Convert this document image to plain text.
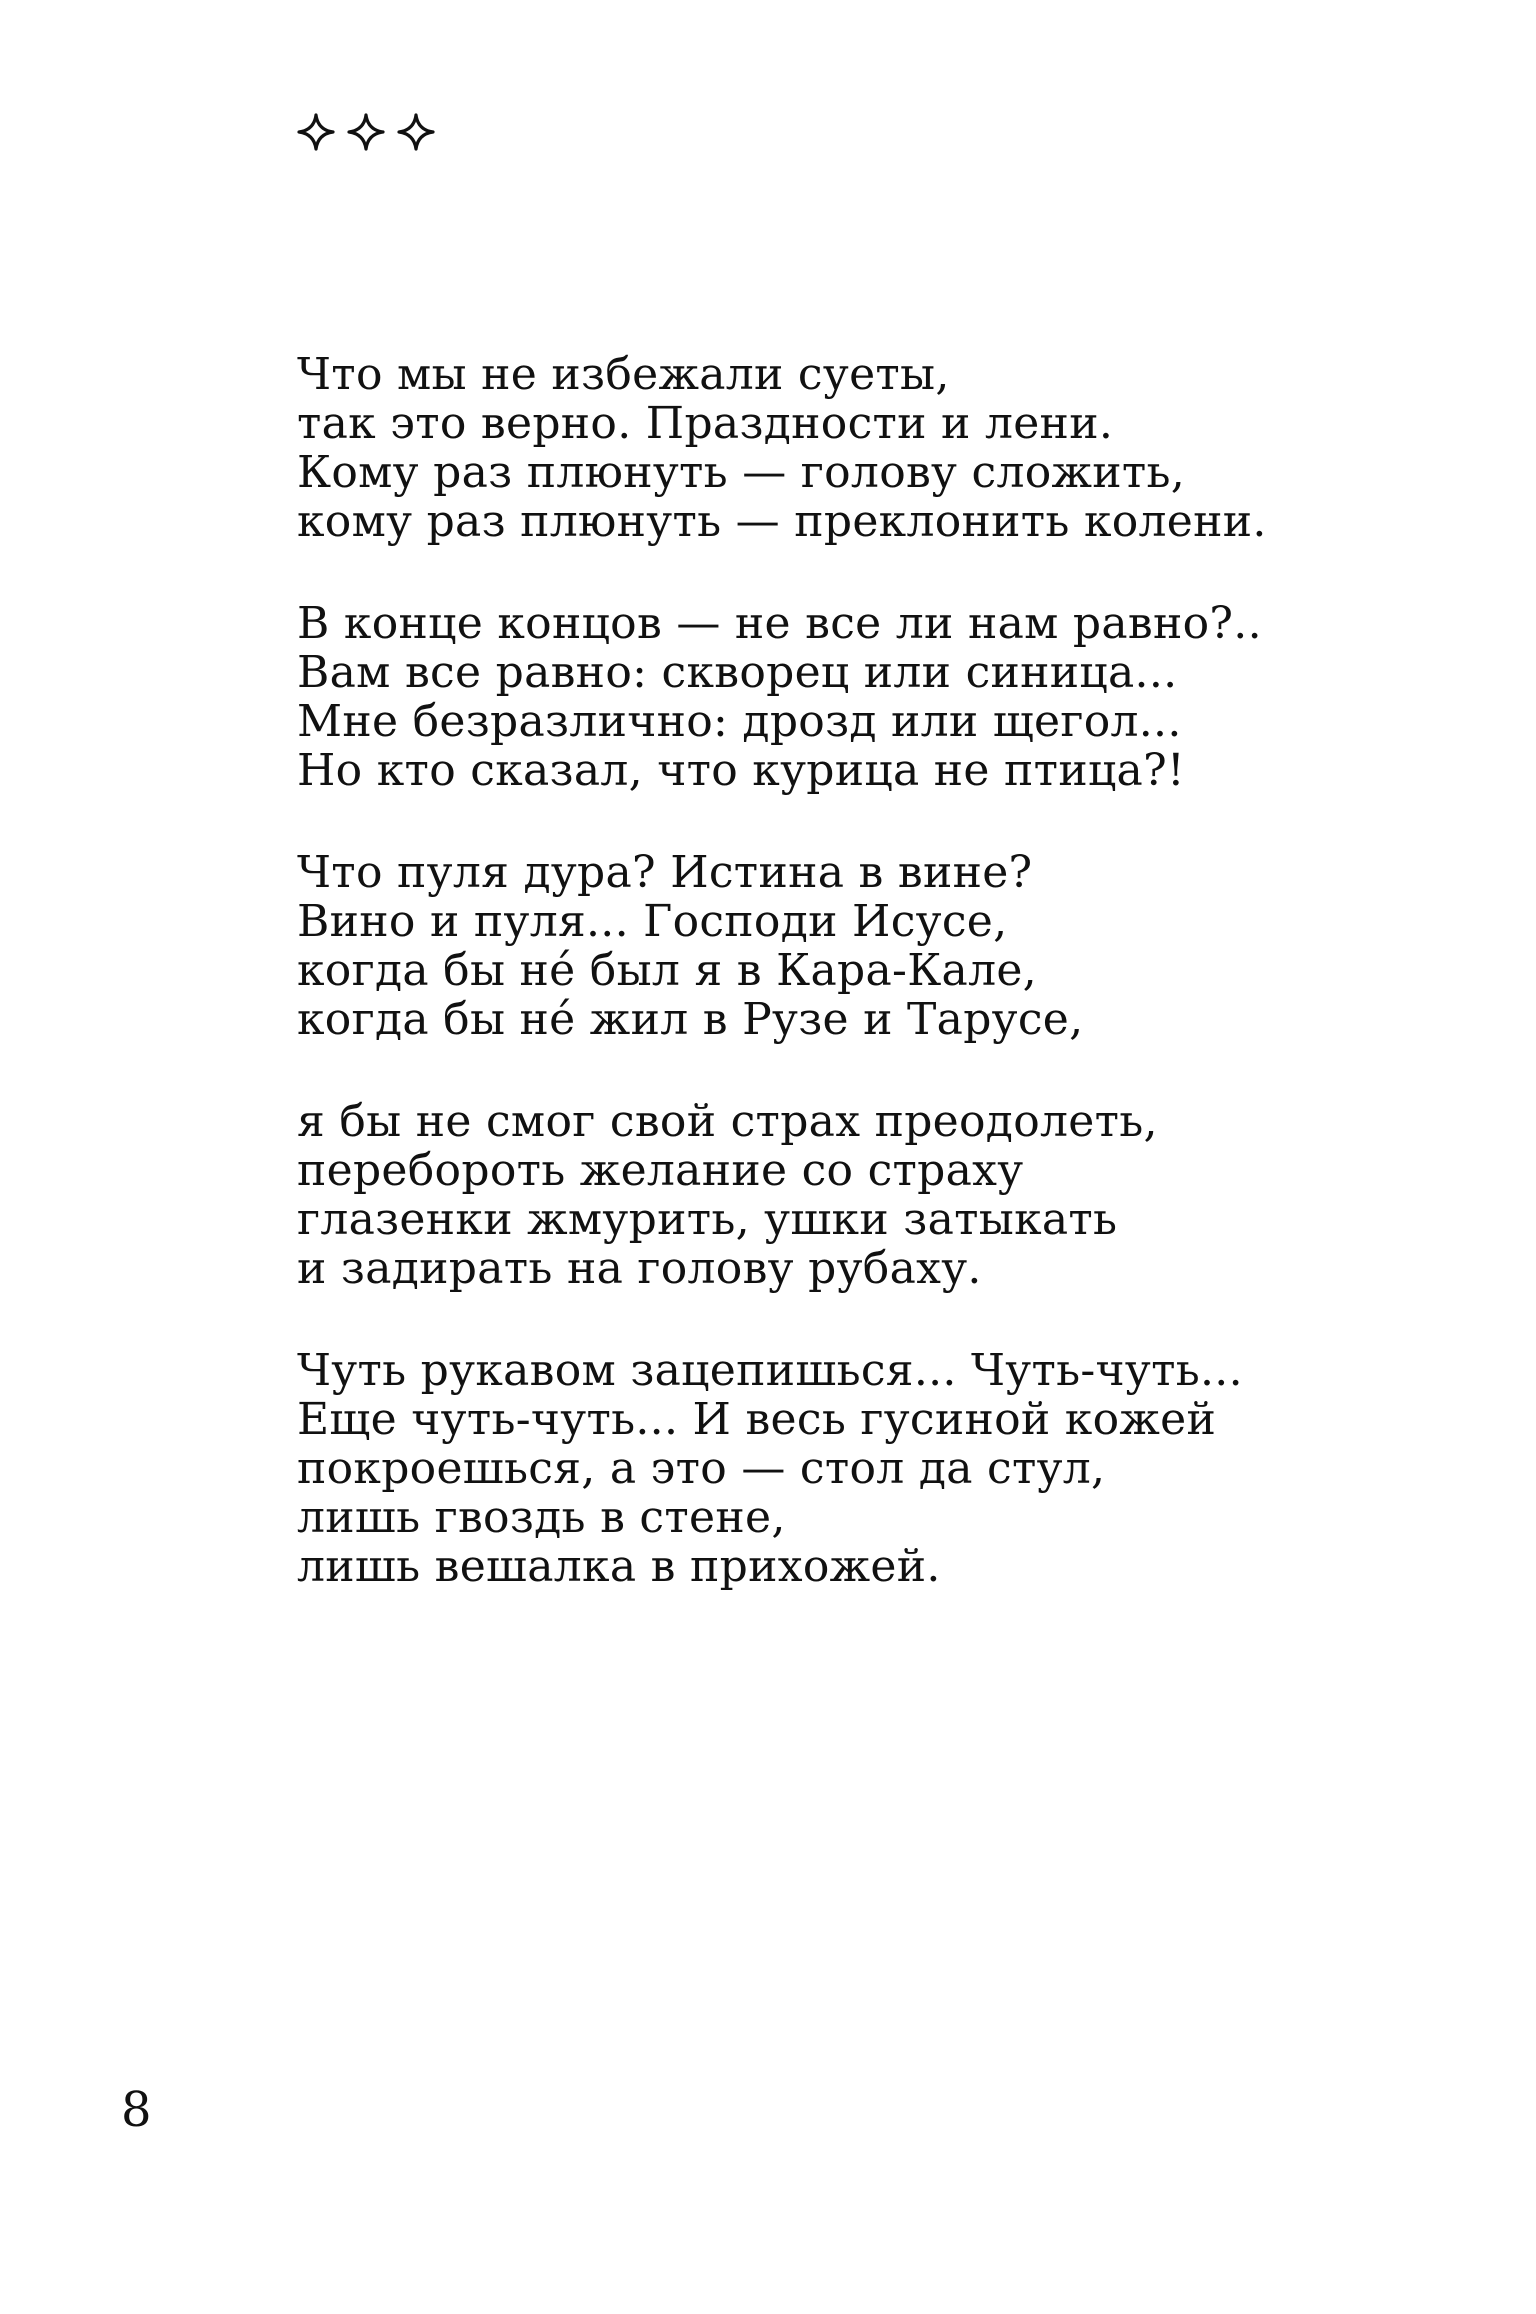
Что мы не избежали суеты,
так это верно. Праздности и лени.
Кому раз плюнуть — голову сложить,
кому раз плюнуть — преклонить колени.
В конце концов — не все ли нам равно?..
Вам все равно: скворец или синица...
Мне безразлично: дрозд или щегол...
Но кто сказал, что курица не птица?!
Что пуля дура? Истина в вине?
Вино и пуля... Господи Исусе,
когда бы нé был я в Кара-Кале,
когда бы нé жил в Рузе и Тарусе,
я бы не смог свой страх преодолеть,
перебороть желание со страху
глазенки жмурить, ушки затыкать
и задирать на голову рубаху.
Чуть рукавом зацепишься... Чуть-чуть...
Еще чуть-чуть... И весь гусиной кожей
покроешься, а это — стол да стул,
лишь гвоздь в стене,
лишь вешалка в прихожей.
8
